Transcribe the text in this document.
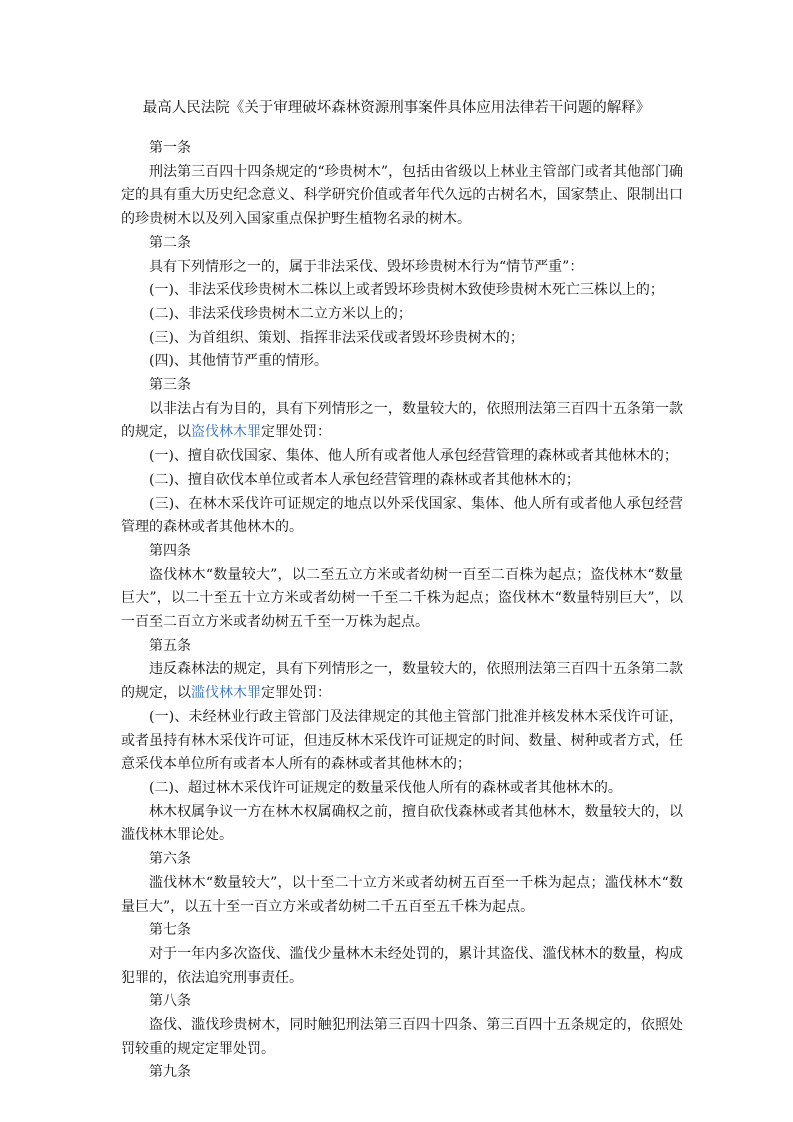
最高人民法院《关于审理破坏森林资源刑事案件具体应用法律若干问题的解释》

第一条

刑法第三百四十四条规定的“珍贵树木”，包括由省级以上林业主管部门或者其他部门确定的具有重大历史纪念意义、科学研究价值或者年代久远的古树名木，国家禁止、限制出口的珍贵树木以及列入国家重点保护野生植物名录的树木。

第二条

具有下列情形之一的，属于非法采伐、毁坏珍贵树木行为“情节严重”：

(一)、非法采伐珍贵树木二株以上或者毁坏珍贵树木致使珍贵树木死亡三株以上的；

(二)、非法采伐珍贵树木二立方米以上的；

(三)、为首组织、策划、指挥非法采伐或者毁坏珍贵树木的；

(四)、其他情节严重的情形。

第三条

以非法占有为目的，具有下列情形之一，数量较大的，依照刑法第三百四十五条第一款的规定，以盗伐林木罪定罪处罚：

(一)、擅自砍伐国家、集体、他人所有或者他人承包经营管理的森林或者其他林木的；

(二)、擅自砍伐本单位或者本人承包经营管理的森林或者其他林木的；

(三)、在林木采伐许可证规定的地点以外采伐国家、集体、他人所有或者他人承包经营管理的森林或者其他林木的。

第四条

盗伐林木“数量较大”，以二至五立方米或者幼树一百至二百株为起点；盗伐林木“数量巨大”，以二十至五十立方米或者幼树一千至二千株为起点；盗伐林木“数量特别巨大”，以一百至二百立方米或者幼树五千至一万株为起点。

第五条

违反森林法的规定，具有下列情形之一，数量较大的，依照刑法第三百四十五条第二款的规定，以滥伐林木罪定罪处罚：

(一)、未经林业行政主管部门及法律规定的其他主管部门批准并核发林木采伐许可证，或者虽持有林木采伐许可证，但违反林木采伐许可证规定的时间、数量、树种或者方式，任意采伐本单位所有或者本人所有的森林或者其他林木的；

(二)、超过林木采伐许可证规定的数量采伐他人所有的森林或者其他林木的。

林木权属争议一方在林木权属确权之前，擅自砍伐森林或者其他林木，数量较大的，以滥伐林木罪论处。

第六条

滥伐林木“数量较大”，以十至二十立方米或者幼树五百至一千株为起点；滥伐林木“数量巨大”，以五十至一百立方米或者幼树二千五百至五千株为起点。

第七条

对于一年内多次盗伐、滥伐少量林木未经处罚的，累计其盗伐、滥伐林木的数量，构成犯罪的，依法追究刑事责任。

第八条

盗伐、滥伐珍贵树木，同时触犯刑法第三百四十四条、第三百四十五条规定的，依照处罚较重的规定定罪处罚。

第九条
